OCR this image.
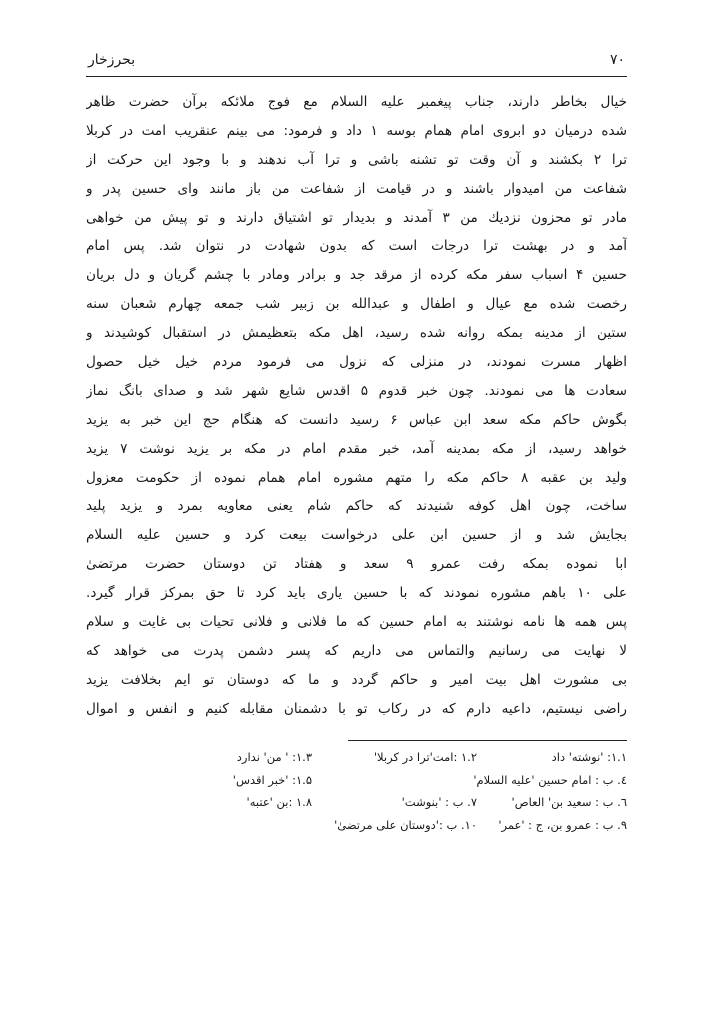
بحرزخار	۷۰
خیال بخاطر دارند، جناب پیغمبر علیه السلام مع فوج ملائکه برآن حضرت ظاهر
شده درمیان دو ابروی امام همام بوسه ۱ داد و فرمود: می بینم عنقریب امت در کربلا
ترا ۲ بکشند و آن وقت تو تشنه باشی و ترا آب ندهند و با وجود این حرکت از
شفاعت من امیدوار باشند و در قیامت از شفاعت من باز مانند وای حسین پدر و
مادر تو محزون نزدیك من ۳ آمدند و بدیدار تو اشتیاق دارند و تو پیش من خواهی
آمد و در بهشت ترا درجات است که بدون شهادت در نتوان شد. پس امام
حسین ۴ اسباب سفر مکه کرده از مرقد جد و برادر ومادر با چشم گریان و دل بریان
رخصت شده مع عیال و اطفال و عبدالله بن زبیر شب جمعه چهارم شعبان سنه
ستین از مدینه بمکه روانه شده رسید، اهل مکه بتعظیمش در استقبال کوشیدند و
اظهار مسرت نمودند، در منزلی که نزول می فرمود مردم خیل خیل حصول
سعادت ها می نمودند. چون خبر قدوم ۵ اقدس شایع شهر شد و صدای بانگ نماز
بگوش حاکم مکه سعد ابن عباس ۶ رسید دانست که هنگام حج این خبر به یزید
خواهد رسید، از مکه بمدینه آمد، خبر مقدم امام در مکه بر یزید نوشت ۷ یزید
ولید بن عقبه ۸ حاکم مکه را متهم مشوره امام همام نموده از حکومت معزول
ساخت، چون اهل کوفه شنیدند که حاکم شام یعنی معاویه بمرد و یزید پلید
بجایش شد و از حسین ابن علی درخواست بیعت کرد و حسین علیه السلام
ابا نموده بمکه رفت عمرو ۹ سعد و هفتاد تن دوستان حضرت مرتضیٰ
علی ۱۰ باهم مشوره نمودند که با حسین یاری باید کرد تا حق بمرکز قرار گیرد.
پس همه ها نامه نوشتند به امام حسین که ما فلانی و فلانی تحیات بی غایت و سلام
لا نهایت می رسانیم والتماس می داریم که پسر دشمن پدرت می خواهد که
بی مشورت اهل بیت امیر و حاکم گردد و ما که دوستان تو ایم بخلافت یزید
راضی نیستیم، داعیه دارم که در رکاب تو با دشمنان مقابله کنیم و انفس و اموال
۱.۱: 'نوشته' داد
۱.۲ :امت'ترا در کربلا'
۱.۳: ' من' ندارد
٤. ب : امام حسین 'علیه السلام'
۱.۵: 'خبر اقدس'
٦. ب : سعید بن' العاص'
۷. ب : 'بنوشت'
۱.۸ :بن 'عتبه'
۹. ب : عمرو بن، ج : 'عمر'
۱۰. ب :'دوستان علی مرتضیٰ'
